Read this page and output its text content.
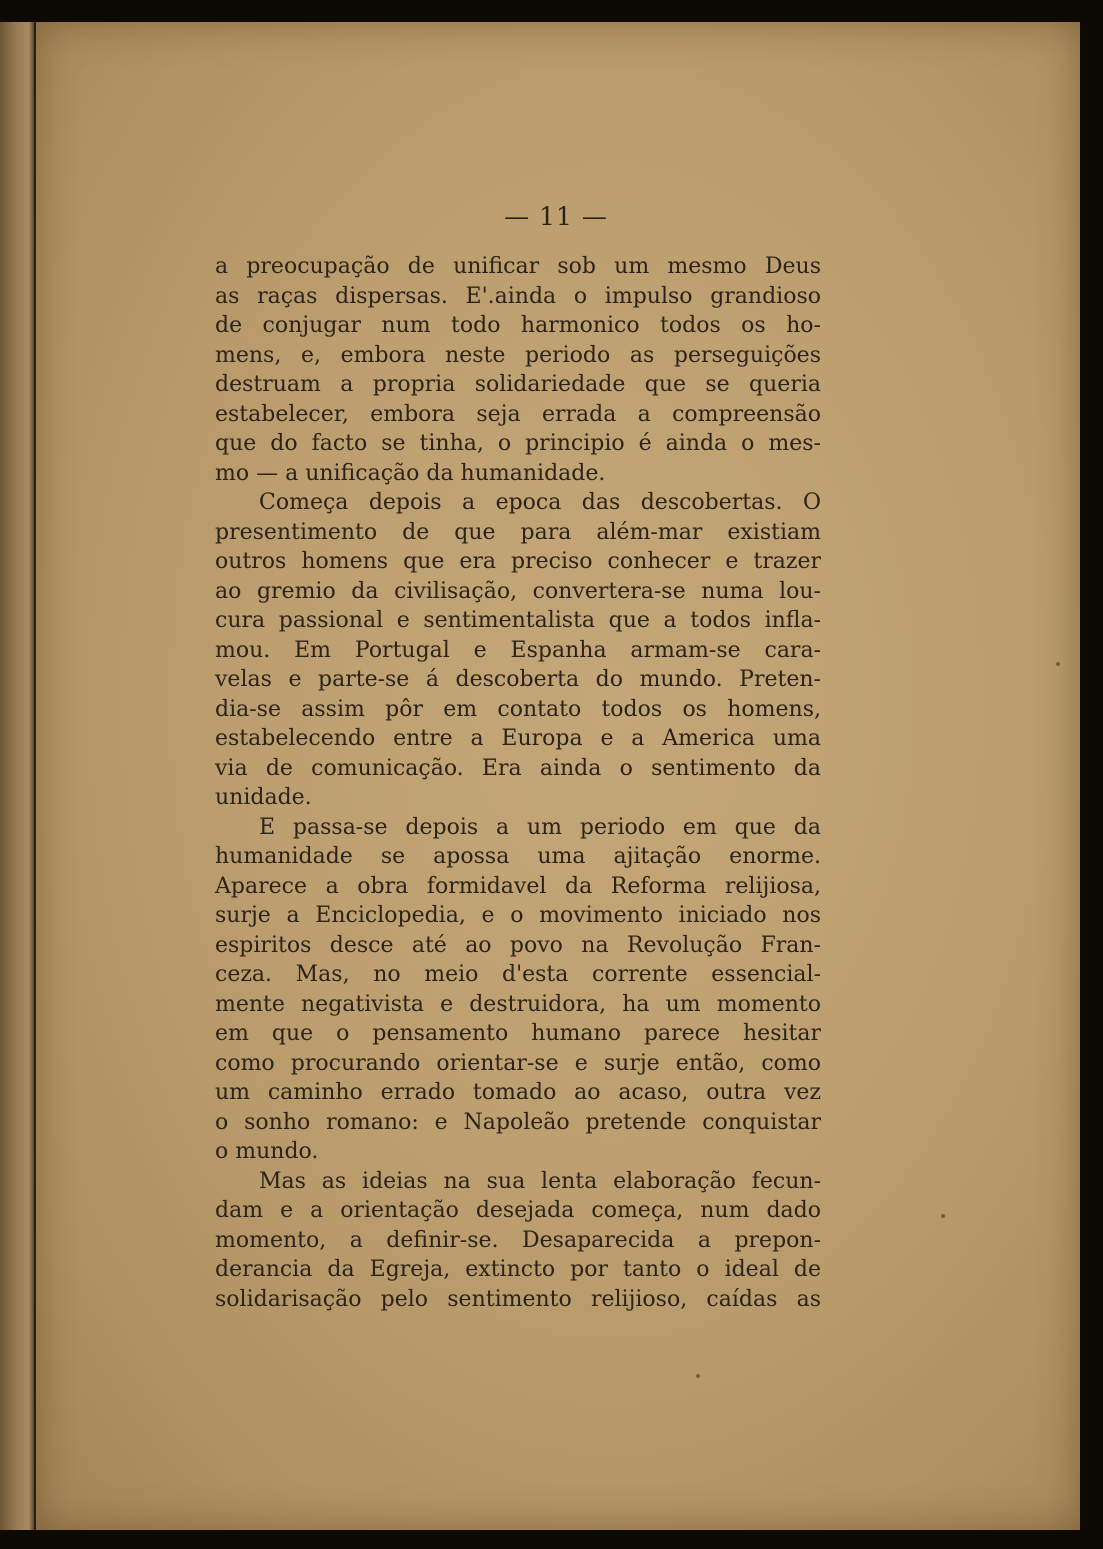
— 11 —
a preocupação de unificar sob um mesmo Deus
as raças dispersas. E'.ainda o impulso grandioso
de conjugar num todo harmonico todos os ho-
mens, e, embora neste periodo as perseguições
destruam a propria solidariedade que se queria
estabelecer, embora seja errada a compreensão
que do facto se tinha, o principio é ainda o mes-
mo — a unificação da humanidade.
Começa depois a epoca das descobertas. O
presentimento de que para além-mar existiam
outros homens que era preciso conhecer e trazer
ao gremio da civilisação, convertera-se numa lou-
cura passional e sentimentalista que a todos infla-
mou. Em Portugal e Espanha armam-se cara-
velas e parte-se á descoberta do mundo. Preten-
dia-se assim pôr em contato todos os homens,
estabelecendo entre a Europa e a America uma
via de comunicação. Era ainda o sentimento da
unidade.
E passa-se depois a um periodo em que da
humanidade se apossa uma ajitação enorme.
Aparece a obra formidavel da Reforma relijiosa,
surje a Enciclopedia, e o movimento iniciado nos
espiritos desce até ao povo na Revolução Fran-
ceza. Mas, no meio d'esta corrente essencial-
mente negativista e destruidora, ha um momento
em que o pensamento humano parece hesitar
como procurando orientar-se e surje então, como
um caminho errado tomado ao acaso, outra vez
o sonho romano: e Napoleão pretende conquistar
o mundo.
Mas as ideias na sua lenta elaboração fecun-
dam e a orientação desejada começa, num dado
momento, a definir-se. Desaparecida a prepon-
derancia da Egreja, extincto por tanto o ideal de
solidarisação pelo sentimento relijioso, caídas as
